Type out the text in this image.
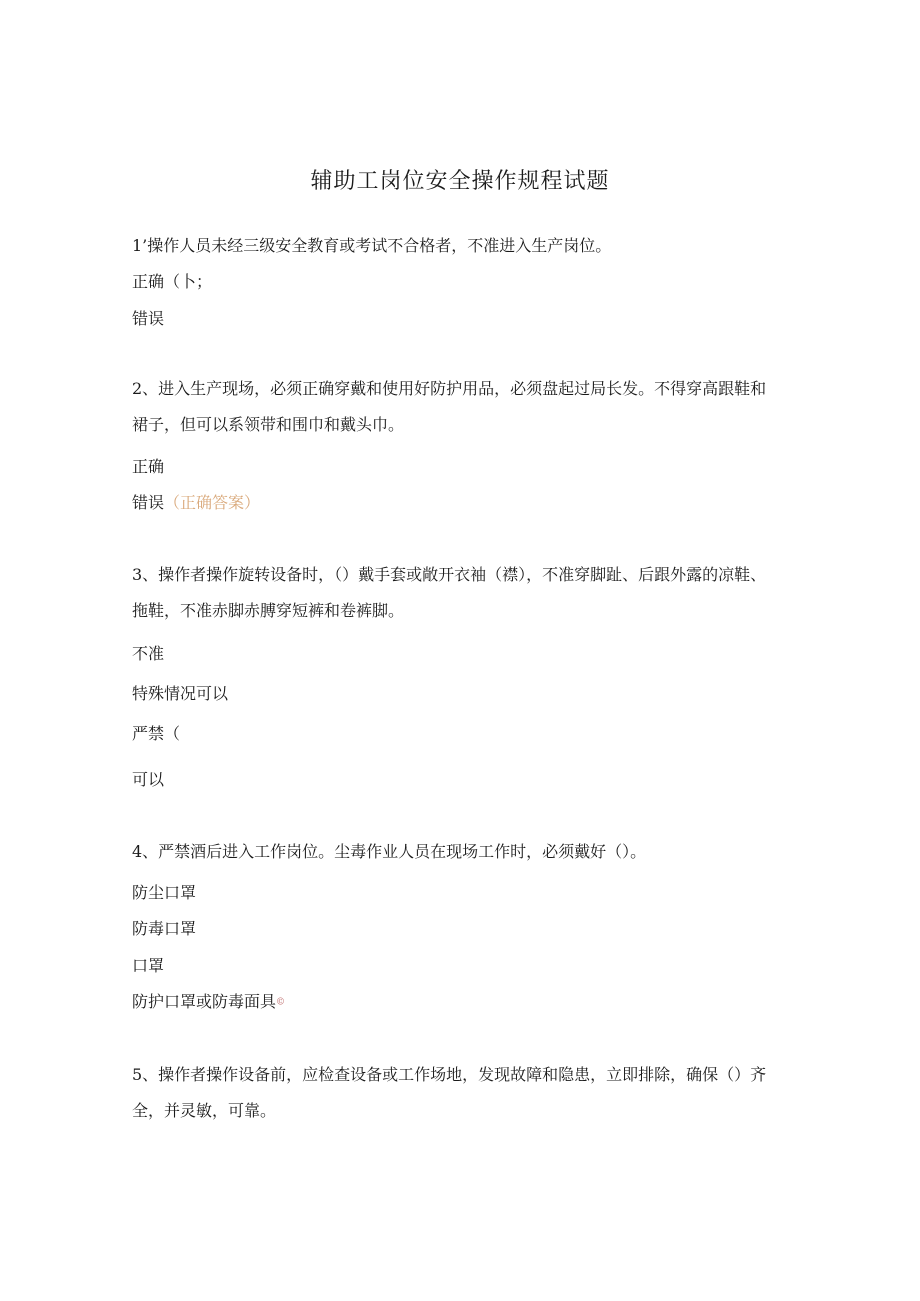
辅助工岗位安全操作规程试题
1’操作人员未经三级安全教育或考试不合格者，不准进入生产岗位。
正确（卜；
错误
2、进入生产现场，必须正确穿戴和使用好防护用品，必须盘起过局长发。不得穿高跟鞋和裙子，但可以系领带和围巾和戴头巾。
正确
错误（正确答案）
3、操作者操作旋转设备时，（）戴手套或敞开衣袖（襟），不准穿脚趾、后跟外露的凉鞋、拖鞋，不准赤脚赤膊穿短裤和卷裤脚。
不准
特殊情况可以
严禁（
可以
4、严禁酒后进入工作岗位。尘毒作业人员在现场工作时，必须戴好（）。
防尘口罩
防毒口罩
口罩
防护口罩或防毒面具©
5、操作者操作设备前，应检查设备或工作场地，发现故障和隐患，立即排除，确保（）齐全，并灵敏，可靠。
